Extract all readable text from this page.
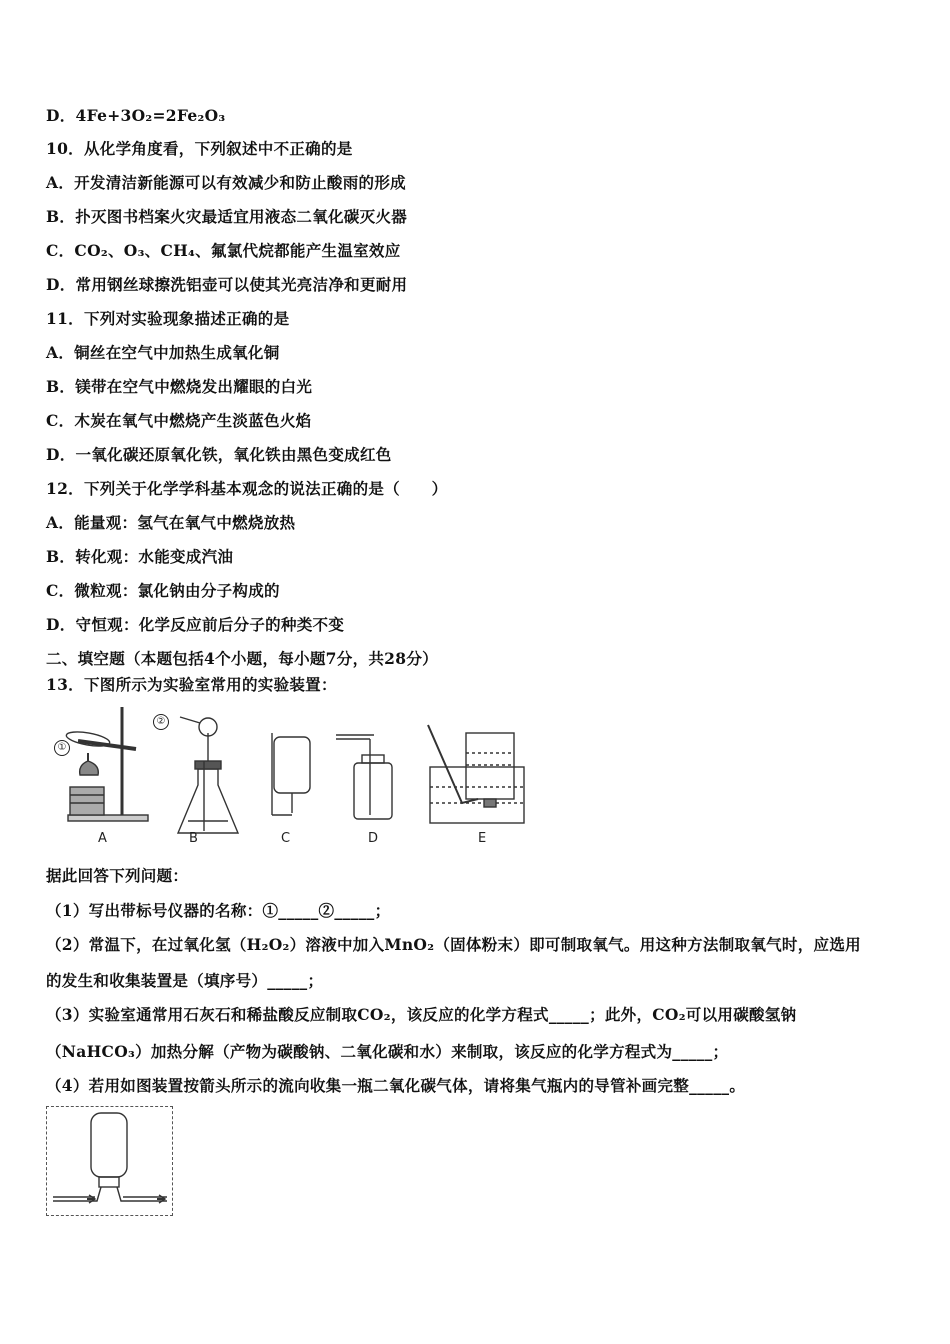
D．4Fe+3O₂=2Fe₂O₃
10．从化学角度看，下列叙述中不正确的是
A．开发清洁新能源可以有效减少和防止酸雨的形成
B．扑灭图书档案火灾最适宜用液态二氧化碳灭火器
C．CO₂、O₃、CH₄、氟氯代烷都能产生温室效应
D．常用钢丝球擦洗铝壶可以使其光亮洁净和更耐用
11．下列对实验现象描述正确的是
A．铜丝在空气中加热生成氧化铜
B．镁带在空气中燃烧发出耀眼的白光
C．木炭在氧气中燃烧产生淡蓝色火焰
D．一氧化碳还原氧化铁，氧化铁由黑色变成红色
12．下列关于化学学科基本观念的说法正确的是（　　）
A．能量观：氢气在氧气中燃烧放热
B．转化观：水能变成汽油
C．微粒观：氯化钠由分子构成的
D．守恒观：化学反应前后分子的种类不变
二、填空题（本题包括4个小题，每小题7分，共28分）
13．下图所示为实验室常用的实验装置：
①
②
A	B	C	D	E
据此回答下列问题：
（1）写出带标号仪器的名称：①_____②_____；
（2）常温下，在过氧化氢（H₂O₂）溶液中加入MnO₂（固体粉末）即可制取氧气。用这种方法制取氧气时，应选用
的发生和收集装置是（填序号）_____；
（3）实验室通常用石灰石和稀盐酸反应制取CO₂，该反应的化学方程式_____；此外，CO₂可以用碳酸氢钠
（NaHCO₃）加热分解（产物为碳酸钠、二氧化碳和水）来制取，该反应的化学方程式为_____；
（4）若用如图装置按箭头所示的流向收集一瓶二氧化碳气体，请将集气瓶内的导管补画完整_____。
